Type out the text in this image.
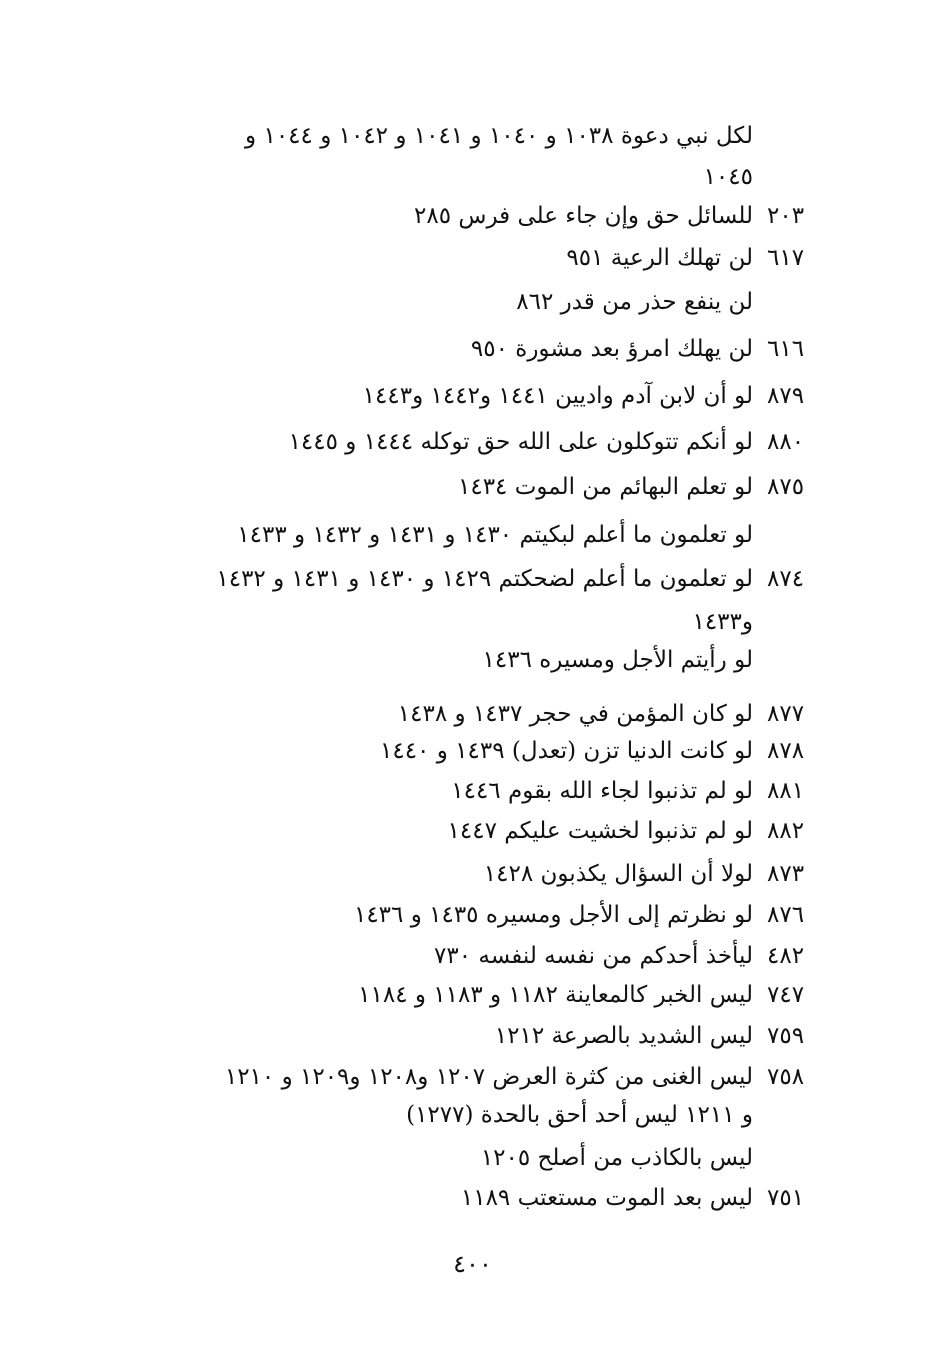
لكل نبي دعوة ١٠٣٨ و ١٠٤٠ و ١٠٤١ و ١٠٤٢ و ١٠٤٤ و
١٠٤٥
٢٠٣
للسائل حق وإن جاء على فرس ٢٨٥
٦١٧
لن تهلك الرعية ٩٥١
لن ينفع حذر من قدر ٨٦٢
٦١٦
لن يهلك امرؤ بعد مشورة ٩٥٠
٨٧٩
لو أن لابن آدم واديين ١٤٤١ و١٤٤٢ و١٤٤٣
٨٨٠
لو أنكم تتوكلون على الله حق توكله ١٤٤٤ و ١٤٤٥
٨٧٥
لو تعلم البهائم من الموت ١٤٣٤
لو تعلمون ما أعلم لبكيتم ١٤٣٠ و ١٤٣١ و ١٤٣٢ و ١٤٣٣
٨٧٤
لو تعلمون ما أعلم لضحكتم ١٤٢٩ و ١٤٣٠ و ١٤٣١ و ١٤٣٢
و١٤٣٣
لو رأيتم الأجل ومسيره ١٤٣٦
٨٧٧
لو كان المؤمن في حجر ١٤٣٧ و ١٤٣٨
٨٧٨
لو كانت الدنيا تزن (تعدل) ١٤٣٩ و ١٤٤٠
٨٨١
لو لم تذنبوا لجاء الله بقوم ١٤٤٦
٨٨٢
لو لم تذنبوا لخشيت عليكم ١٤٤٧
٨٧٣
لولا أن السؤال يكذبون ١٤٢٨
٨٧٦
لو نظرتم إلى الأجل ومسيره ١٤٣٥ و ١٤٣٦
٤٨٢
ليأخذ أحدكم من نفسه لنفسه ٧٣٠
٧٤٧
ليس الخبر كالمعاينة ١١٨٢ و ١١٨٣ و ١١٨٤
٧٥٩
ليس الشديد بالصرعة ١٢١٢
٧٥٨
ليس الغنى من كثرة العرض ١٢٠٧ و١٢٠٨ و١٢٠٩ و ١٢١٠
و ١٢١١ ليس أحد أحق بالحدة (١٢٧٧)
ليس بالكاذب من أصلح ١٢٠٥
٧٥١
ليس بعد الموت مستعتب ١١٨٩
٤٠٠
